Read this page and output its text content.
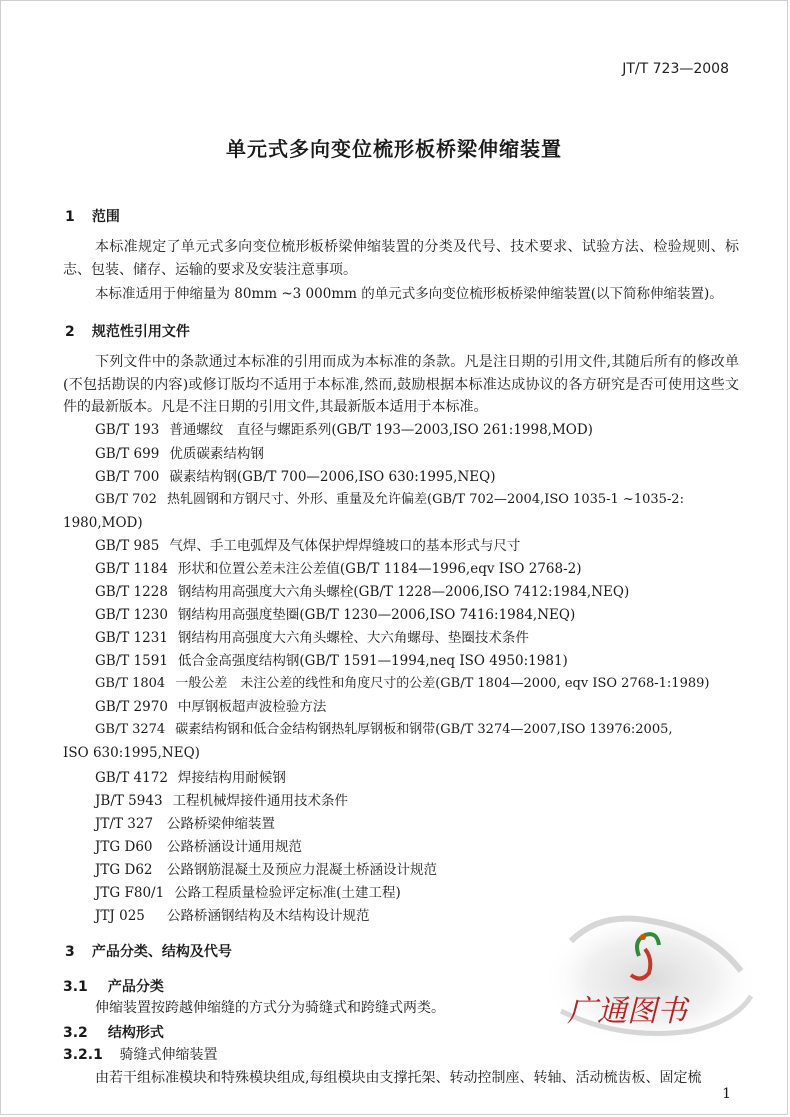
JT/T 723—2008
单元式多向变位梳形板桥梁伸缩装置
1 范围
本标准规定了单元式多向变位梳形板桥梁伸缩装置的分类及代号、技术要求、试验方法、检验规则、标志、包装、储存、运输的要求及安装注意事项。
本标准适用于伸缩量为 80mm ~3 000mm 的单元式多向变位梳形板桥梁伸缩装置(以下简称伸缩装置)。
2 规范性引用文件
下列文件中的条款通过本标准的引用而成为本标准的条款。凡是注日期的引用文件,其随后所有的修改单(不包括勘误的内容)或修订版均不适用于本标准,然而,鼓励根据本标准达成协议的各方研究是否可使用这些文件的最新版本。凡是不注日期的引用文件,其最新版本适用于本标准。
GB/T 193 普通螺纹　直径与螺距系列(GB/T 193—2003,ISO 261:1998,MOD)
GB/T 699 优质碳素结构钢
GB/T 700 碳素结构钢(GB/T 700—2006,ISO 630:1995,NEQ)
GB/T 702 热轧圆钢和方钢尺寸、外形、重量及允许偏差(GB/T 702—2004,ISO 1035-1 ~1035-2:
1980,MOD)
GB/T 985 气焊、手工电弧焊及气体保护焊焊缝坡口的基本形式与尺寸
GB/T 1184 形状和位置公差未注公差值(GB/T 1184—1996,eqv ISO 2768-2)
GB/T 1228 钢结构用高强度大六角头螺栓(GB/T 1228—2006,ISO 7412:1984,NEQ)
GB/T 1230 钢结构用高强度垫圈(GB/T 1230—2006,ISO 7416:1984,NEQ)
GB/T 1231 钢结构用高强度大六角头螺栓、大六角螺母、垫圈技术条件
GB/T 1591 低合金高强度结构钢(GB/T 1591—1994,neq ISO 4950:1981)
GB/T 1804 一般公差　未注公差的线性和角度尺寸的公差(GB/T 1804—2000, eqv ISO 2768-1:1989)
GB/T 2970 中厚钢板超声波检验方法
GB/T 3274 碳素结构钢和低合金结构钢热轧厚钢板和钢带(GB/T 3274—2007,ISO 13976:2005,
ISO 630:1995,NEQ)
GB/T 4172 焊接结构用耐候钢
JB/T 5943 工程机械焊接件通用技术条件
JT/T 327 公路桥梁伸缩装置
JTG D60 公路桥涵设计通用规范
JTG D62 公路钢筋混凝土及预应力混凝土桥涵设计规范
JTG F80/1 公路工程质量检验评定标准(土建工程)
JTJ 025 公路桥涵钢结构及木结构设计规范
3 产品分类、结构及代号
3.1 产品分类
伸缩装置按跨越伸缩缝的方式分为骑缝式和跨缝式两类。
3.2 结构形式
3.2.1 骑缝式伸缩装置
由若干组标准模块和特殊模块组成,每组模块由支撑托架、转动控制座、转轴、活动梳齿板、固定梳
广通图书
1
